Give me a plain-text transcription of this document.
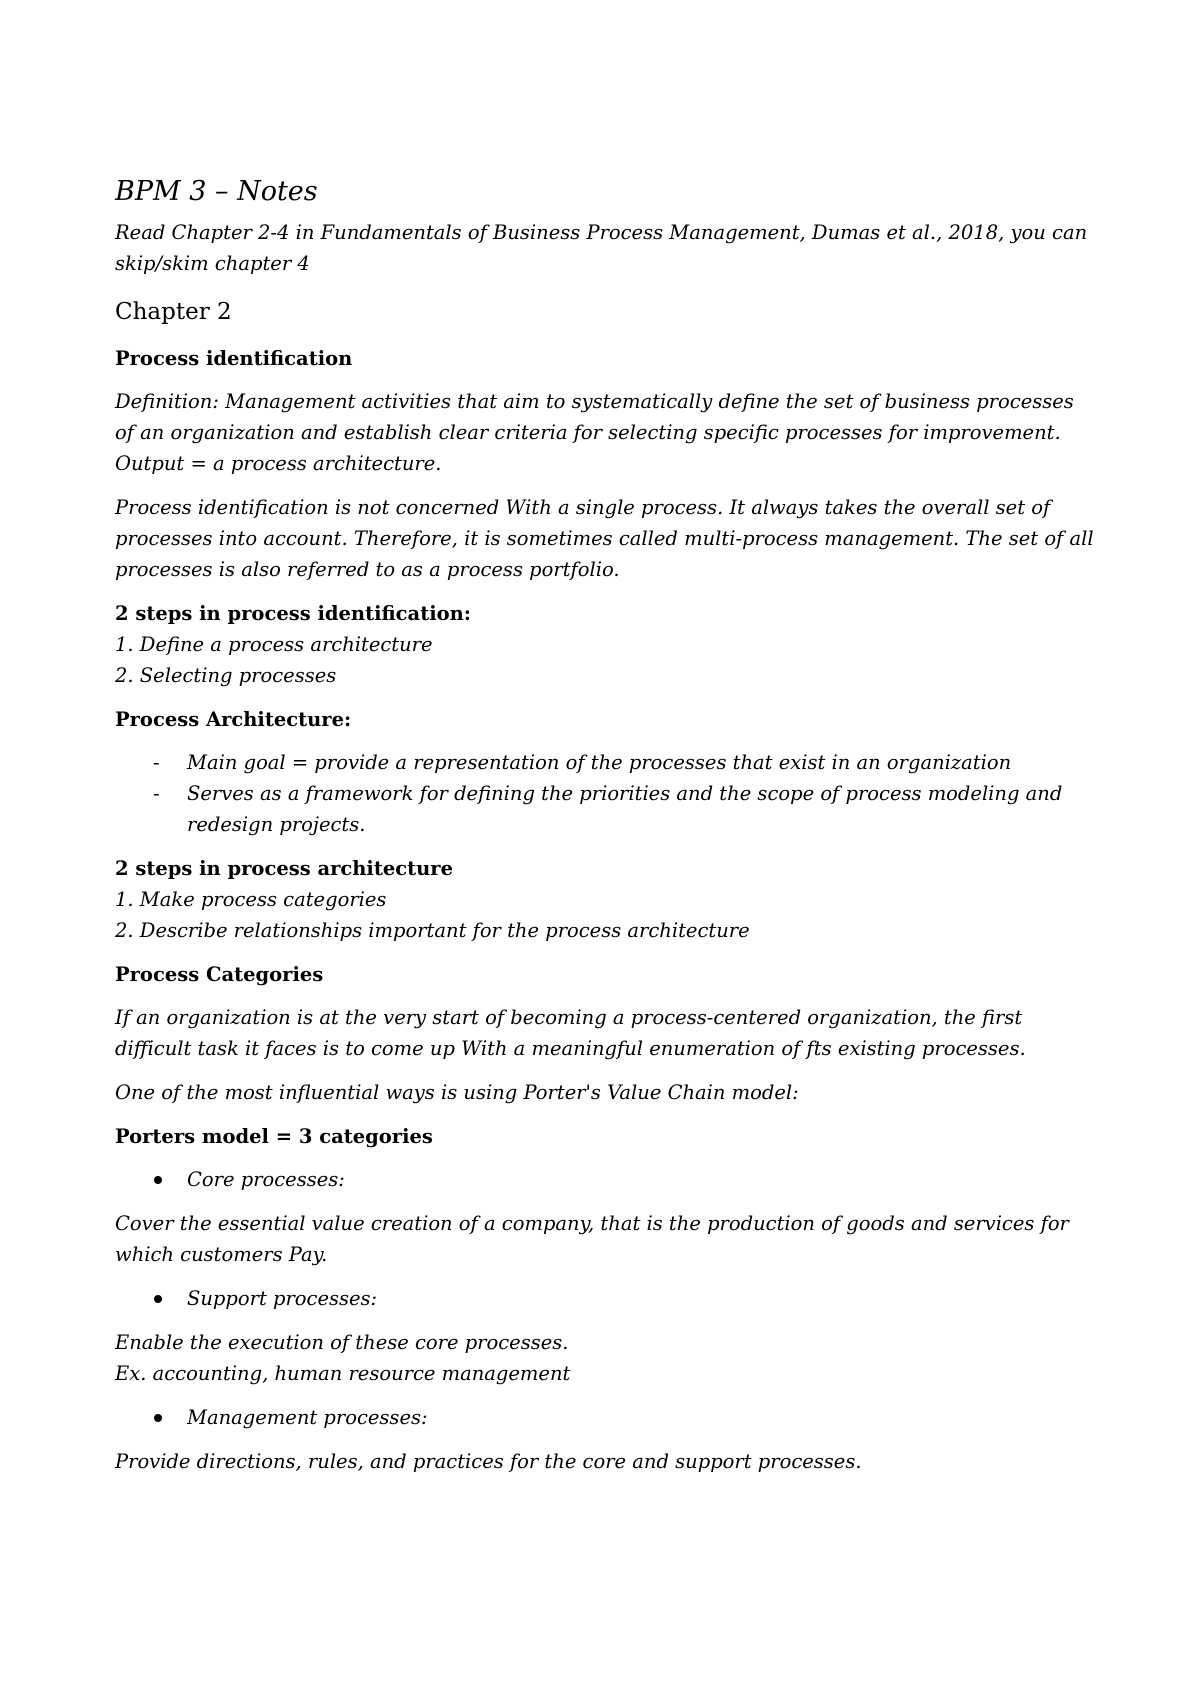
BPM 3 – Notes

Read Chapter 2-4 in Fundamentals of Business Process Management, Dumas et al., 2018, you can skip/skim chapter 4

Chapter 2
Process identification

Definition: Management activities that aim to systematically define the set of business processes of an organization and establish clear criteria for selecting specific processes for improvement. Output = a process architecture.

Process identification is not concerned With a single process. It always takes the overall set of processes into account. Therefore, it is sometimes called multi-process management. The set of all processes is also referred to as a process portfolio.

2 steps in process identification:
1. Define a process architecture
2. Selecting processes
Process Architecture:
- Main goal = provide a representation of the processes that exist in an organization
- Serves as a framework for defining the priorities and the scope of process modeling and redesign projects.
2 steps in process architecture
1. Make process categories
2. Describe relationships important for the process architecture
Process Categories

If an organization is at the very start of becoming a process-centered organization, the first difficult task it faces is to come up With a meaningful enumeration of fts existing processes.

One of the most influential ways is using Porter's Value Chain model:

Porters model = 3 categories
Core processes:

Cover the essential value creation of a company, that is the production of goods and services for which customers Pay.

Support processes:
Enable the execution of these core processes.
Ex. accounting, human resource management
Management processes:

Provide directions, rules, and practices for the core and support processes.
